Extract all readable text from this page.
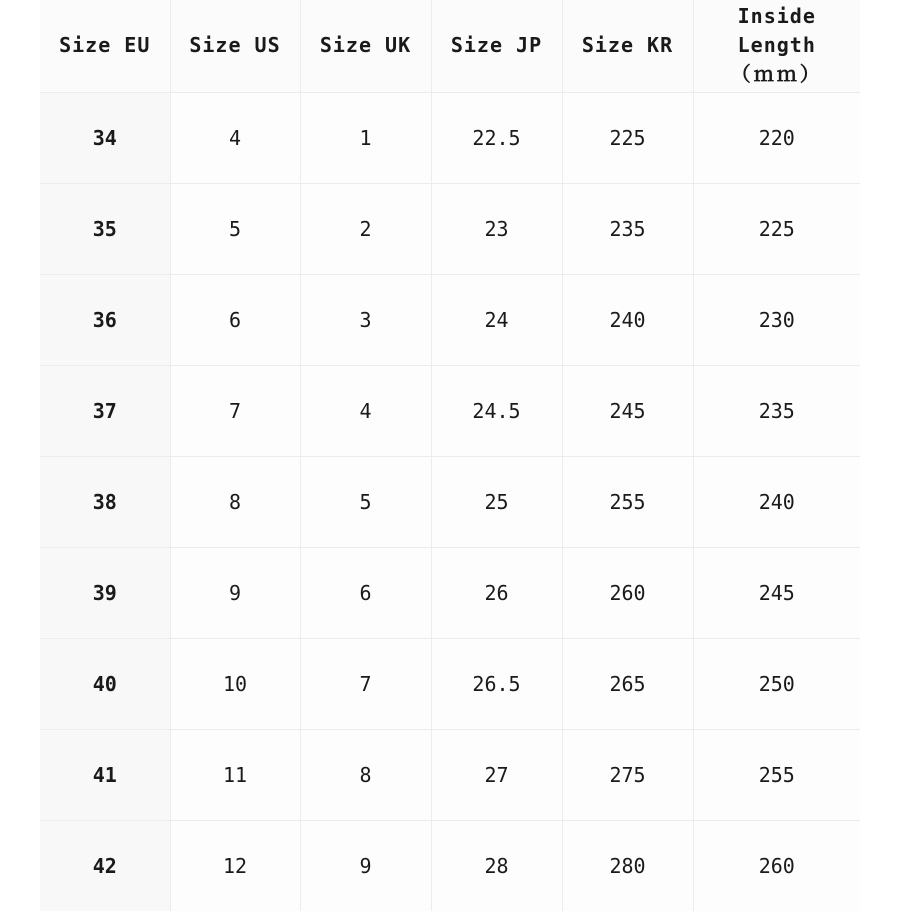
Size EU	Size US	Size UK	Size JP	Size KR	Inside Length
（ｍｍ）

34	4	1	22.5	225	220
35	5	2	23	235	225
36	6	3	24	240	230
37	7	4	24.5	245	235
38	8	5	25	255	240
39	9	6	26	260	245
40	10	7	26.5	265	250
41	11	8	27	275	255
42	12	9	28	280	260
